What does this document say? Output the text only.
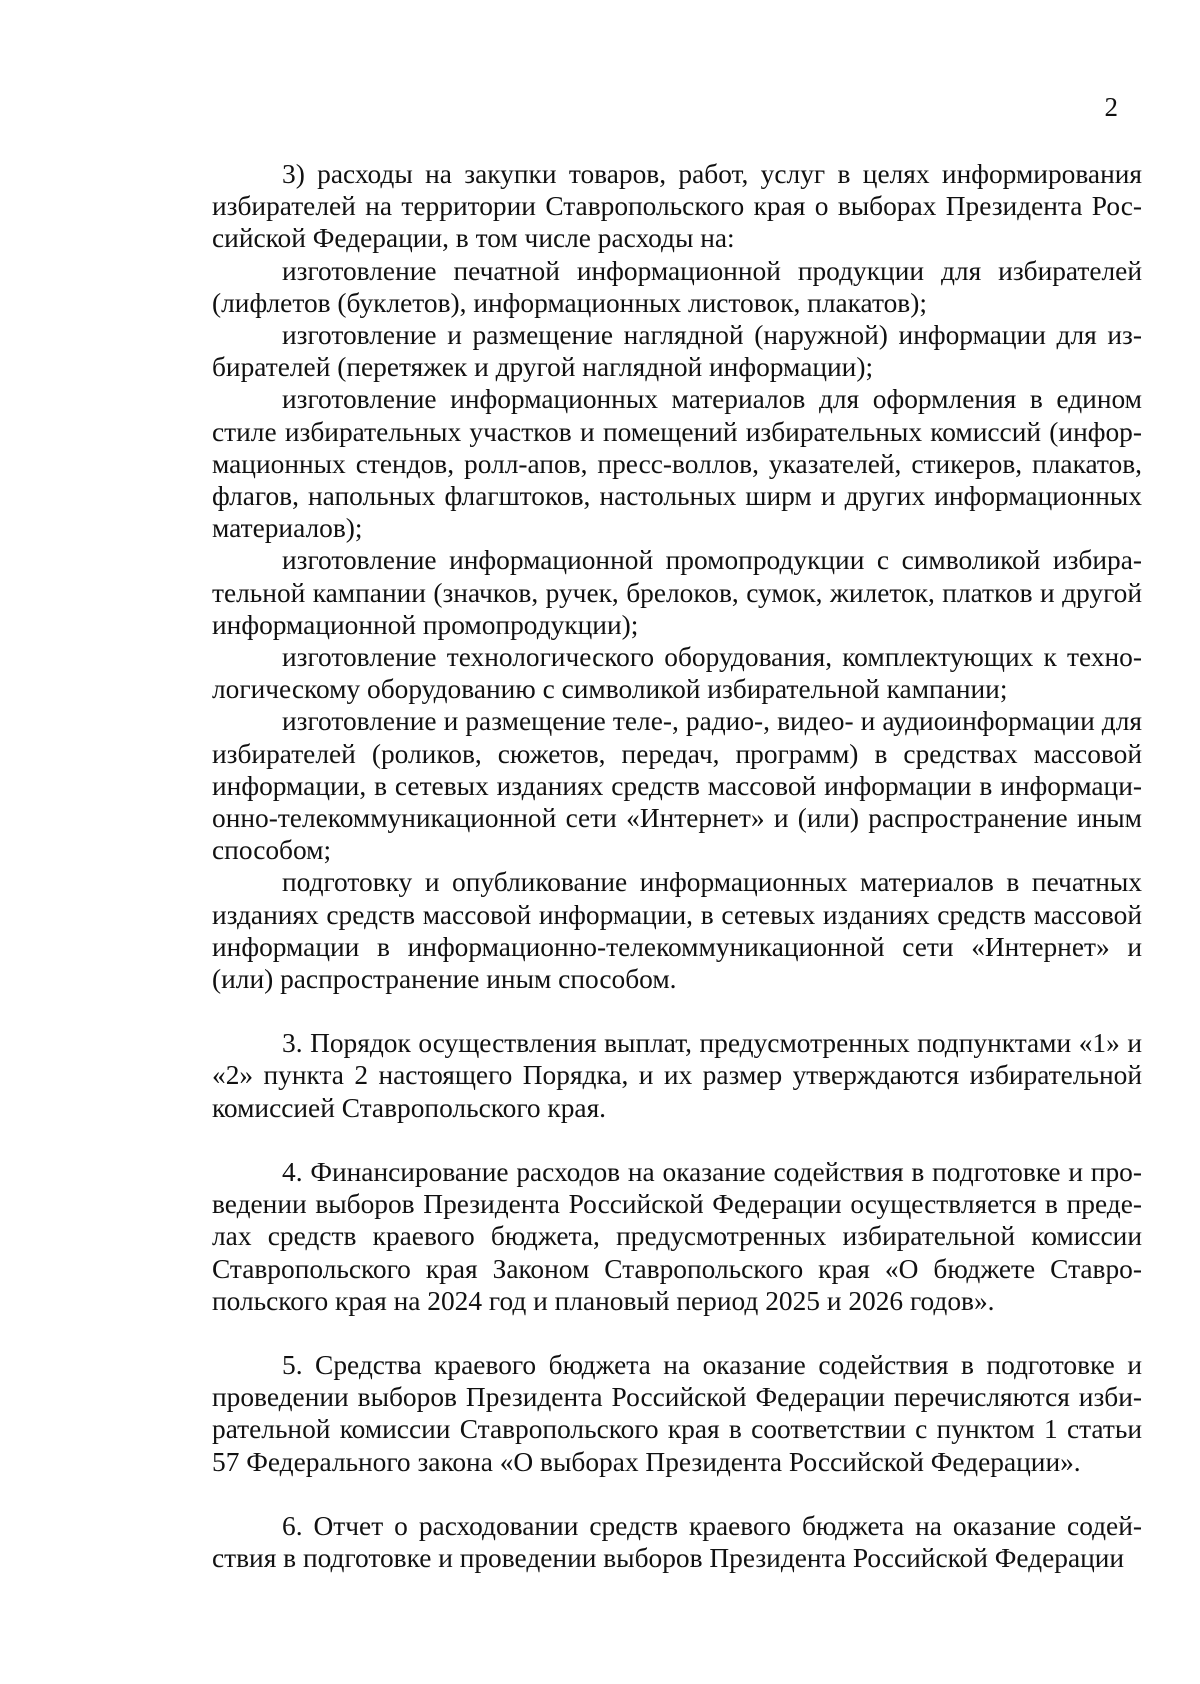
2

3) расходы на закупки товаров, работ, услуг в целях информирования избирателей на территории Ставропольского края о выборах Президента Российской Федерации, в том числе расходы на:

изготовление печатной информационной продукции для избирателей (лифлетов (буклетов), информационных листовок, плакатов);

изготовление и размещение наглядной (наружной) информации для избирателей (перетяжек и другой наглядной информации);

изготовление информационных материалов для оформления в едином стиле избирательных участков и помещений избирательных комиссий (информационных стендов, ролл-апов, пресс-воллов, указателей, стикеров, плакатов, флагов, напольных флагштоков, настольных ширм и других информационных материалов);

изготовление информационной промопродукции с символикой избирательной кампании (значков, ручек, брелоков, сумок, жилеток, платков и другой информационной промопродукции);

изготовление технологического оборудования, комплектующих к технологическому оборудованию с символикой избирательной кампании;

изготовление и размещение теле-, радио-, видео- и аудиоинформации для избирателей (роликов, сюжетов, передач, программ) в средствах массовой информации, в сетевых изданиях средств массовой информации в информационно-телекоммуникационной сети «Интернет» и (или) распространение иным способом;

подготовку и опубликование информационных материалов в печатных изданиях средств массовой информации, в сетевых изданиях средств массовой информации в информационно-телекоммуникационной сети «Интернет» и (или) распространение иным способом.

3. Порядок осуществления выплат, предусмотренных подпунктами «1» и «2» пункта 2 настоящего Порядка, и их размер утверждаются избирательной комиссией Ставропольского края.

4. Финансирование расходов на оказание содействия в подготовке и проведении выборов Президента Российской Федерации осуществляется в пределах средств краевого бюджета, предусмотренных избирательной комиссии Ставропольского края Законом Ставропольского края «О бюджете Ставропольского края на 2024 год и плановый период 2025 и 2026 годов».

5. Средства краевого бюджета на оказание содействия в подготовке и проведении выборов Президента Российской Федерации перечисляются избирательной комиссии Ставропольского края в соответствии с пунктом 1 статьи 57 Федерального закона «О выборах Президента Российской Федерации».

6. Отчет о расходовании средств краевого бюджета на оказание содействия в подготовке и проведении выборов Президента Российской Федерации
